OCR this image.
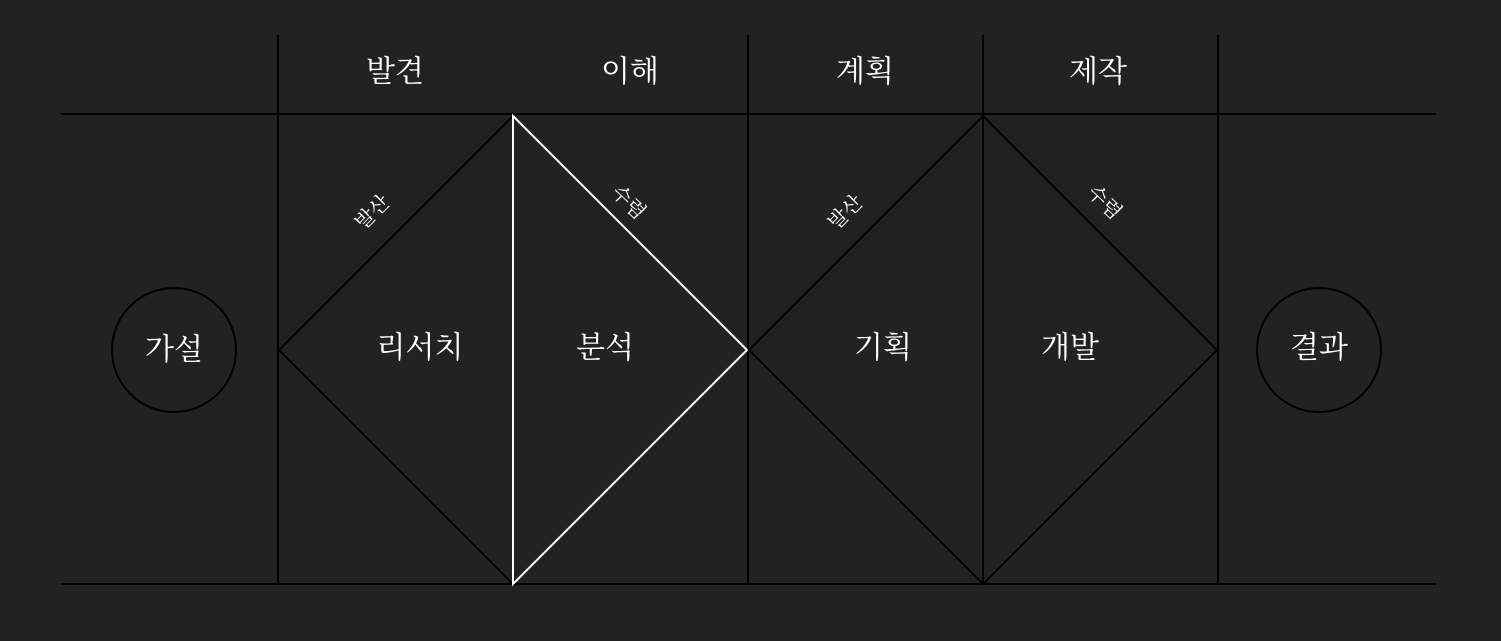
발견	이해	계획	제작
가설	결과
리서치	분석	기획	개발
발산	수렴	발산	수렴
